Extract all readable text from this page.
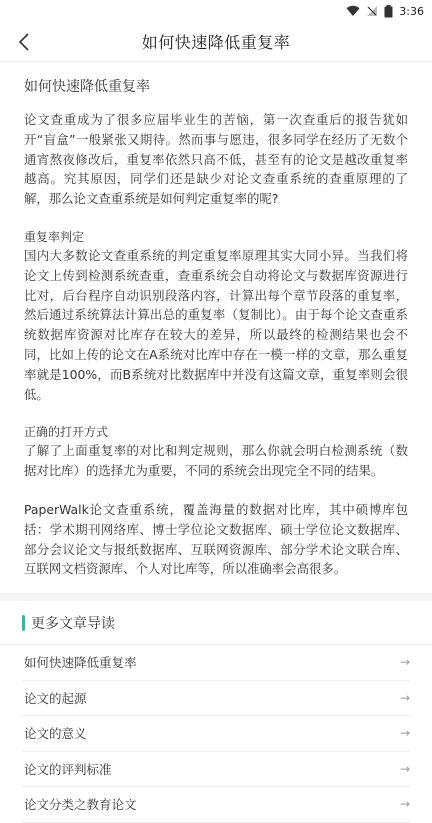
3:36
如何快速降低重复率
如何快速降低重复率

论文查重成为了很多应届毕业生的苦恼，第一次查重后的报告犹如开“盲盒”一般紧张又期待。然而事与愿违，很多同学在经历了无数个通宵熬夜修改后，重复率依然只高不低，甚至有的论文是越改重复率越高。究其原因，同学们还是缺少对论文查重系统的查重原理的了解，那么论文查重系统是如何判定重复率的呢?

重复率判定

国内大多数论文查重系统的判定重复率原理其实大同小异。当我们将论文上传到检测系统查重，查重系统会自动将论文与数据库资源进行比对，后台程序自动识别段落内容，计算出每个章节段落的重复率，然后通过系统算法计算出总的重复率（复制比）。由于每个论文查重系统数据库资源对比库存在较大的差异，所以最终的检测结果也会不同，比如上传的论文在A系统对比库中存在一模一样的文章，那么重复率就是100%，而B系统对比数据库中并没有这篇文章，重复率则会很低。

正确的打开方式

了解了上面重复率的对比和判定规则，那么你就会明白检测系统（数据对比库）的选择尤为重要，不同的系统会出现完全不同的结果。

PaperWalk论文查重系统，覆盖海量的数据对比库，其中硕博库包括：学术期刊网络库、博士学位论文数据库、硕士学位论文数据库、部分会议论文与报纸数据库、互联网资源库、部分学术论文联合库、互联网文档资源库、个人对比库等，所以准确率会高很多。

更多文章导读
如何快速降低重复率	→
论文的起源	→
论文的意义	→
论文的评判标准	→
论文分类之教育论文	→
